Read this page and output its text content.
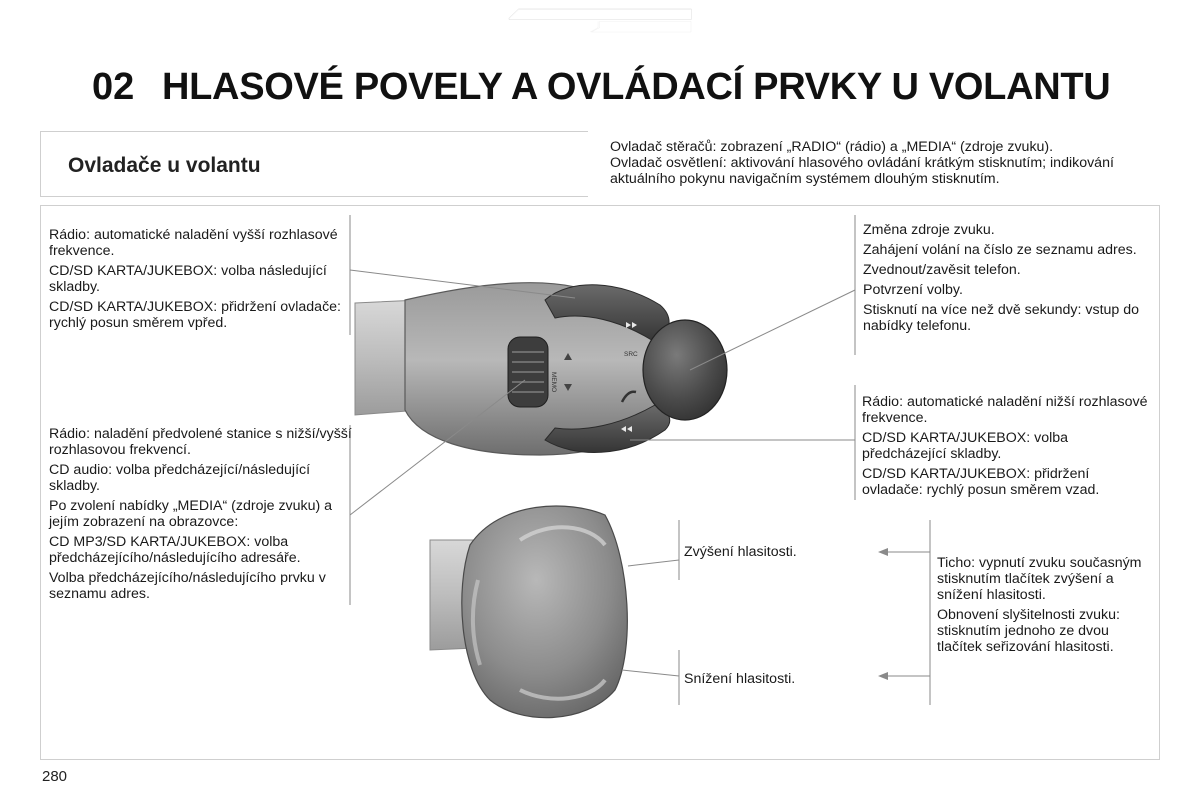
02 HLASOVÉ POVELY A OVLÁDACÍ PRVKY U VOLANTU
Ovladače u volantu

Ovladač stěračů: zobrazení „RADIO“ (rádio) a „MEDIA“ (zdroje zvuku).

Ovladač osvětlení: aktivování hlasového ovládání krátkým stisknutím; indikování aktuálního pokynu navigačním systémem dlouhým stisknutím.

MEMO
SRC

Rádio: automatické naladění vyšší rozhlasové frekvence.

CD/SD KARTA/JUKEBOX: volba následující skladby.

CD/SD KARTA/JUKEBOX: přidržení ovladače: rychlý posun směrem vpřed.

Rádio: naladění předvolené stanice s nižší/vyšší rozhlasovou frekvencí.

CD audio: volba předcházející/následující skladby.

Po zvolení nabídky „MEDIA“ (zdroje zvuku) a jejím zobrazení na obrazovce:

CD MP3/SD KARTA/JUKEBOX: volba předcházejícího/následujícího adresáře.

Volba předcházejícího/následujícího prvku v seznamu adres.

Změna zdroje zvuku.

Zahájení volání na číslo ze seznamu adres.

Zvednout/zavěsit telefon.

Potvrzení volby.

Stisknutí na více než dvě sekundy: vstup do nabídky telefonu.

Rádio: automatické naladění nižší rozhlasové frekvence.

CD/SD KARTA/JUKEBOX: volba předcházející skladby.

CD/SD KARTA/JUKEBOX: přidržení ovladače: rychlý posun směrem vzad.

Zvýšení hlasitosti.
Snížení hlasitosti.

Ticho: vypnutí zvuku současným stisknutím tlačítek zvýšení a snížení hlasitosti.

Obnovení slyšitelnosti zvuku: stisknutím jednoho ze dvou tlačítek seřizování hlasitosti.

280
